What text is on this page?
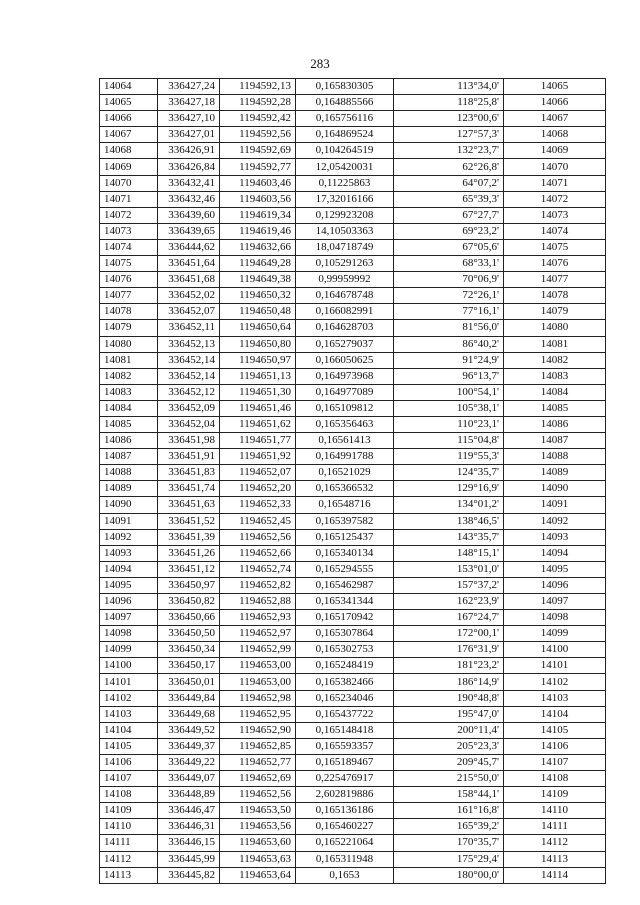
283
14064	336427,24	1194592,13	0,165830305	113°34,0'	14065
14065	336427,18	1194592,28	0,164885566	118°25,8'	14066
14066	336427,10	1194592,42	0,165756116	123°00,6'	14067
14067	336427,01	1194592,56	0,164869524	127°57,3'	14068
14068	336426,91	1194592,69	0,104264519	132°23,7'	14069
14069	336426,84	1194592,77	12,05420031	62°26,8'	14070
14070	336432,41	1194603,46	0,11225863	64°07,2'	14071
14071	336432,46	1194603,56	17,32016166	65°39,3'	14072
14072	336439,60	1194619,34	0,129923208	67°27,7'	14073
14073	336439,65	1194619,46	14,10503363	69°23,2'	14074
14074	336444,62	1194632,66	18,04718749	67°05,6'	14075
14075	336451,64	1194649,28	0,105291263	68°33,1'	14076
14076	336451,68	1194649,38	0,99959992	70°06,9'	14077
14077	336452,02	1194650,32	0,164678748	72°26,1'	14078
14078	336452,07	1194650,48	0,166082991	77°16,1'	14079
14079	336452,11	1194650,64	0,164628703	81°56,0'	14080
14080	336452,13	1194650,80	0,165279037	86°40,2'	14081
14081	336452,14	1194650,97	0,166050625	91°24,9'	14082
14082	336452,14	1194651,13	0,164973968	96°13,7'	14083
14083	336452,12	1194651,30	0,164977089	100°54,1'	14084
14084	336452,09	1194651,46	0,165109812	105°38,1'	14085
14085	336452,04	1194651,62	0,165356463	110°23,1'	14086
14086	336451,98	1194651,77	0,16561413	115°04,8'	14087
14087	336451,91	1194651,92	0,164991788	119°55,3'	14088
14088	336451,83	1194652,07	0,16521029	124°35,7'	14089
14089	336451,74	1194652,20	0,165366532	129°16,9'	14090
14090	336451,63	1194652,33	0,16548716	134°01,2'	14091
14091	336451,52	1194652,45	0,165397582	138°46,5'	14092
14092	336451,39	1194652,56	0,165125437	143°35,7'	14093
14093	336451,26	1194652,66	0,165340134	148°15,1'	14094
14094	336451,12	1194652,74	0,165294555	153°01,0'	14095
14095	336450,97	1194652,82	0,165462987	157°37,2'	14096
14096	336450,82	1194652,88	0,165341344	162°23,9'	14097
14097	336450,66	1194652,93	0,165170942	167°24,7'	14098
14098	336450,50	1194652,97	0,165307864	172°00,1'	14099
14099	336450,34	1194652,99	0,165302753	176°31,9'	14100
14100	336450,17	1194653,00	0,165248419	181°23,2'	14101
14101	336450,01	1194653,00	0,165382466	186°14,9'	14102
14102	336449,84	1194652,98	0,165234046	190°48,8'	14103
14103	336449,68	1194652,95	0,165437722	195°47,0'	14104
14104	336449,52	1194652,90	0,165148418	200°11,4'	14105
14105	336449,37	1194652,85	0,165593357	205°23,3'	14106
14106	336449,22	1194652,77	0,165189467	209°45,7'	14107
14107	336449,07	1194652,69	0,225476917	215°50,0'	14108
14108	336448,89	1194652,56	2,602819886	158°44,1'	14109
14109	336446,47	1194653,50	0,165136186	161°16,8'	14110
14110	336446,31	1194653,56	0,165460227	165°39,2'	14111
14111	336446,15	1194653,60	0,165221064	170°35,7'	14112
14112	336445,99	1194653,63	0,165311948	175°29,4'	14113
14113	336445,82	1194653,64	0,1653	180°00,0'	14114
